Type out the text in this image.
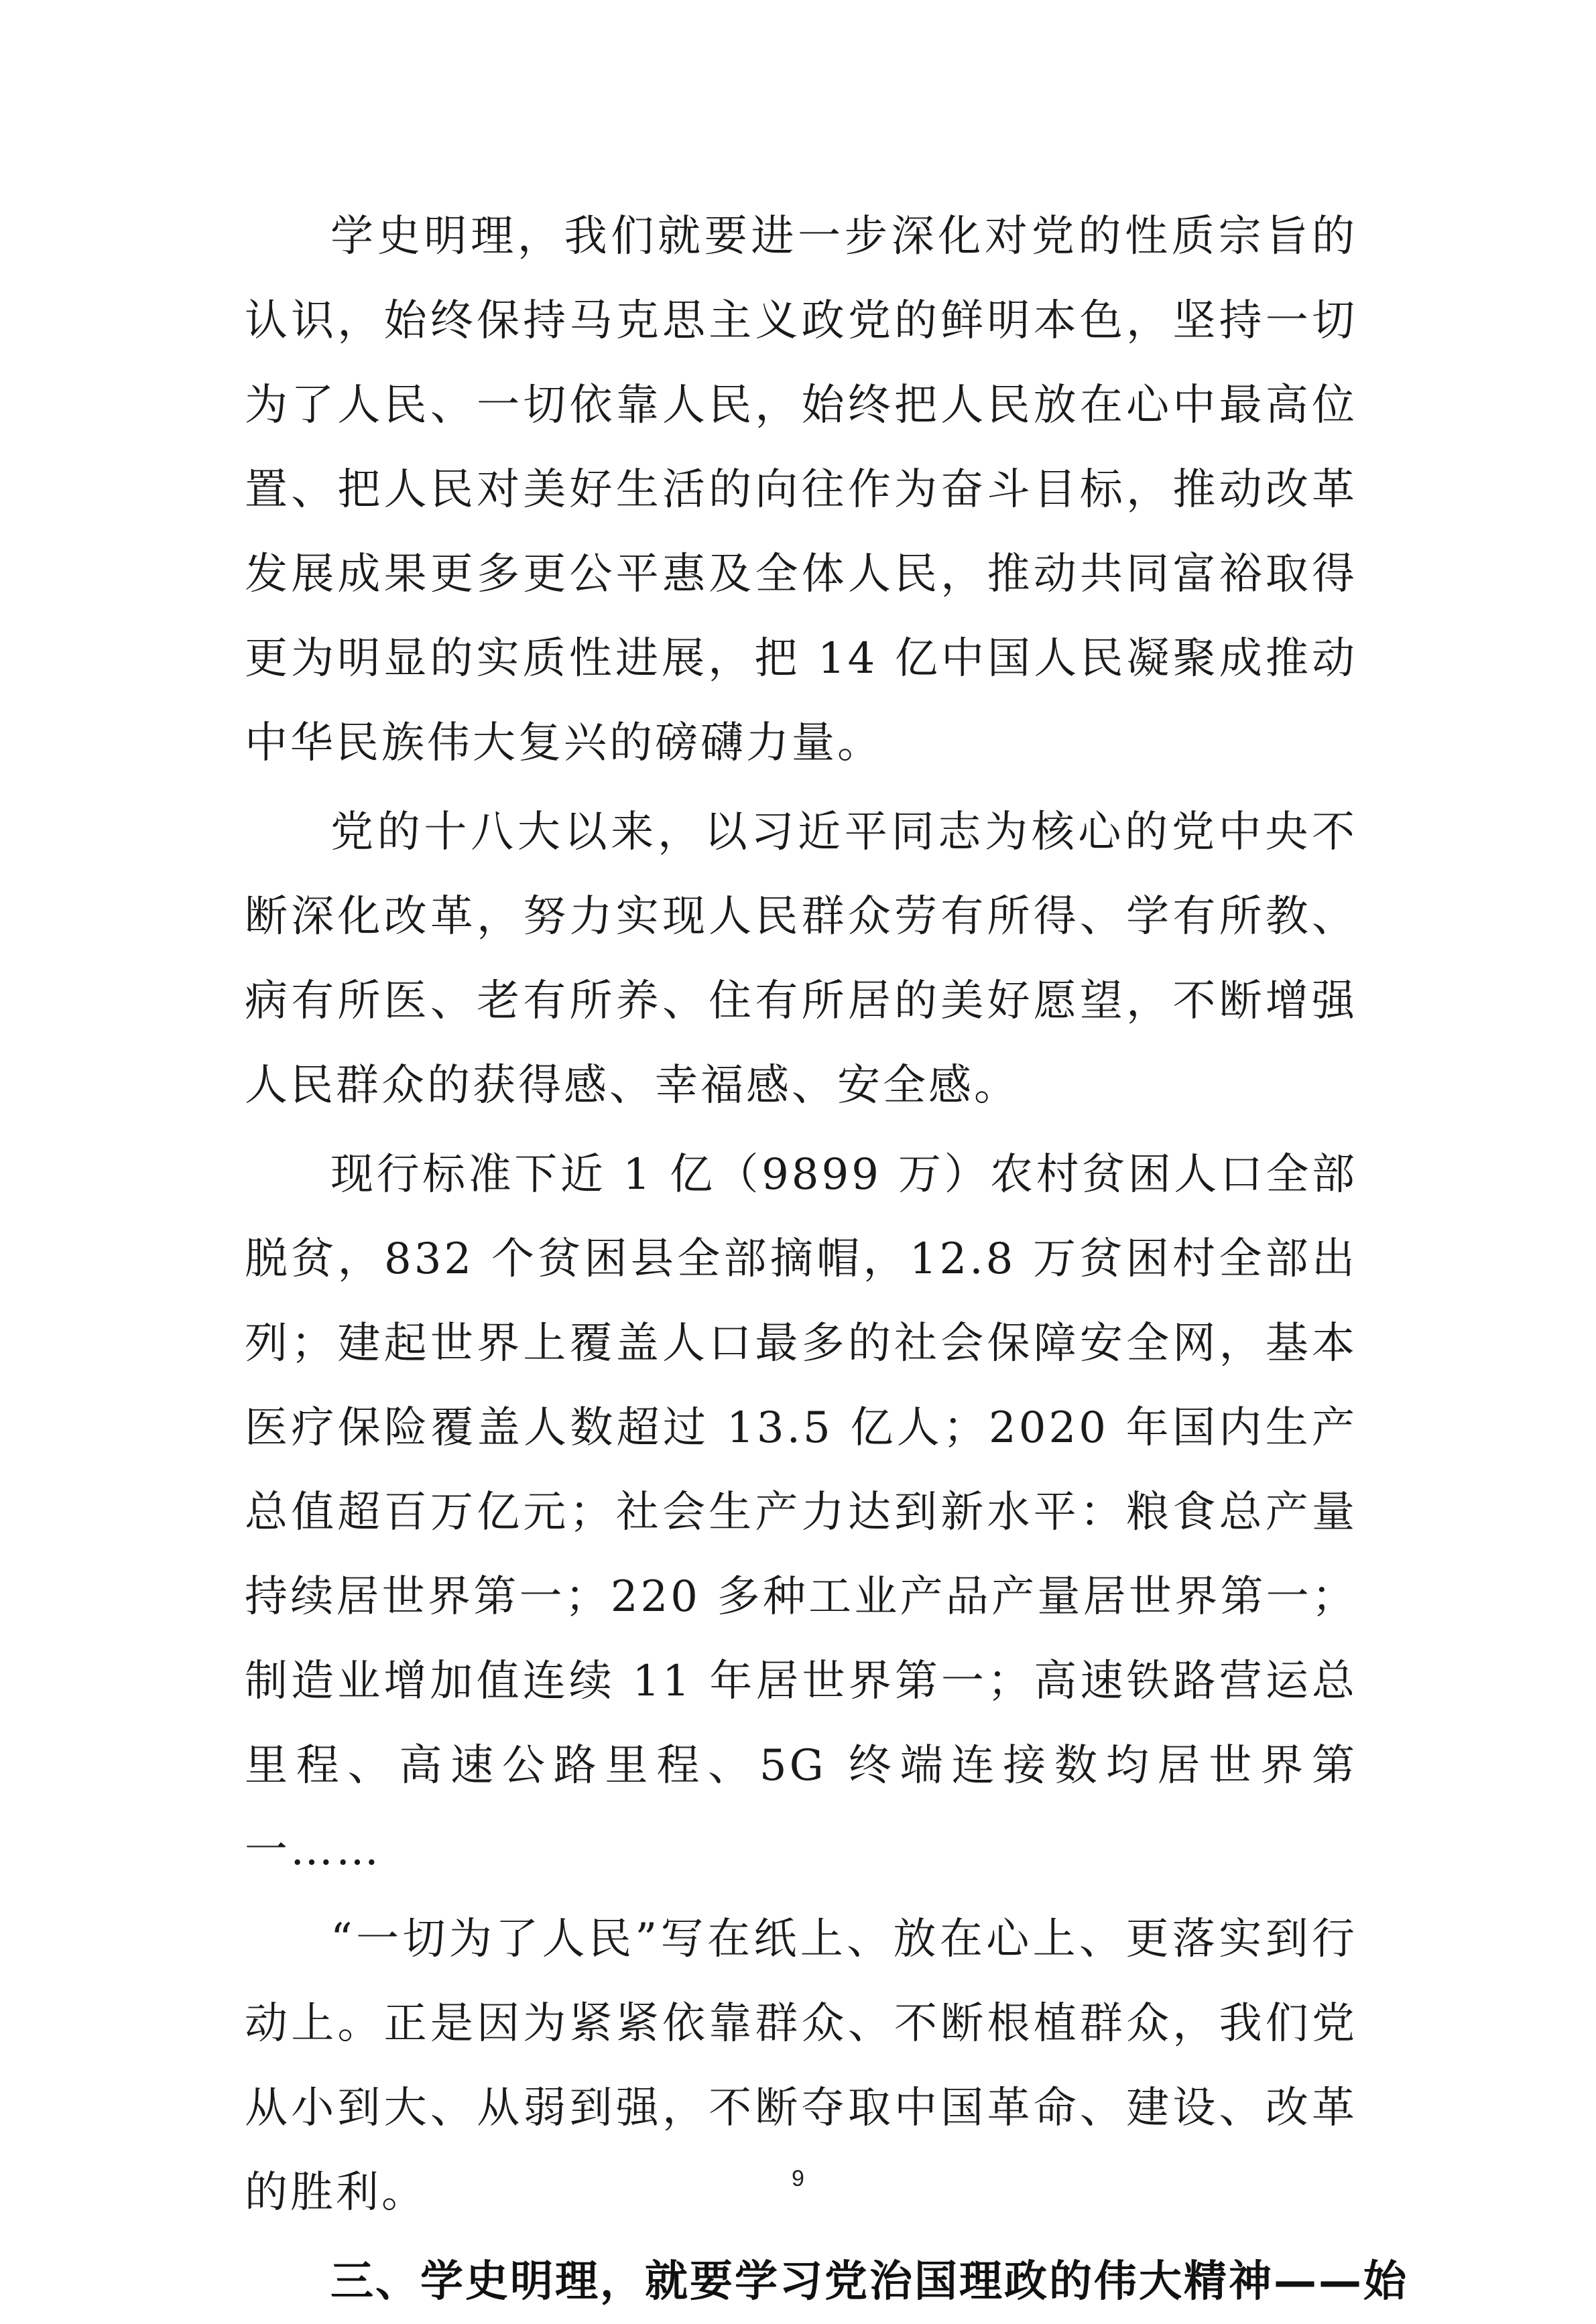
学史明理，我们就要进一步深化对党的性质宗旨的认识，始终保持马克思主义政党的鲜明本色，坚持一切为了人民、一切依靠人民，始终把人民放在心中最高位置、把人民对美好生活的向往作为奋斗目标，推动改革发展成果更多更公平惠及全体人民，推动共同富裕取得更为明显的实质性进展，把 14 亿中国人民凝聚成推动中华民族伟大复兴的磅礴力量。

党的十八大以来，以习近平同志为核心的党中央不断深化改革，努力实现人民群众劳有所得、学有所教、病有所医、老有所养、住有所居的美好愿望，不断增强人民群众的获得感、幸福感、安全感。

现行标准下近 1 亿（9899 万）农村贫困人口全部脱贫，832 个贫困县全部摘帽，12.8 万贫困村全部出列；建起世界上覆盖人口最多的社会保障安全网，基本医疗保险覆盖人数超过 13.5 亿人；2020 年国内生产总值超百万亿元；社会生产力达到新水平：粮食总产量持续居世界第一；220 多种工业产品产量居世界第一；制造业增加值连续 11 年居世界第一；高速铁路营运总里程、高速公路里程、5G 终端连接数均居世界第一……

“一切为了人民”写在纸上、放在心上、更落实到行动上。正是因为紧紧依靠群众、不断根植群众，我们党从小到大、从弱到强，不断夺取中国革命、建设、改革的胜利。

三、学史明理，就要学习党治国理政的伟大精神——始

9
